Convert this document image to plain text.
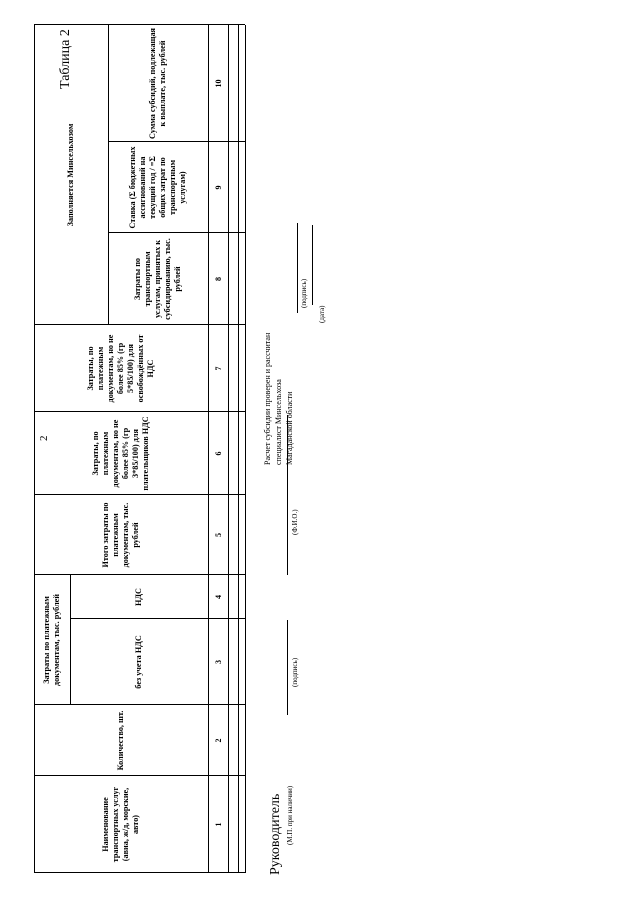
2
Таблица 2
Затраты по платежным документам, тыс. рублей
Заполняется Минсельхозом
Наименование транспортных услуг (авиа, ж/д, морские, авто)
Количество, шт.
без учета НДС
НДС
Итого затраты по платежным документам, тыс. рублей
Затраты, по платежным документам, но не более 85% (гр 3*85/100) для плательщиков НДС
Затраты, по платежным документам, но не более 85% (гр 5*85/100) для освобождённых от НДС
Затраты по транспортным услугам, принятых к субсидированию, тыс. рублей
Ставка (Σ бюджетных ассигнований на текущий год / =Σ общих затрат по транспортным услугам)
Сумма субсидий, подлежащая к выплате, тыс. рублей
1
2
3
4
5
6
7
8
9
10
Руководитель (М.П. при наличии)
(подпись)
(Ф.И.О.)
Расчет субсидии проверен и рассчитан специалист Минсельхоза Магаданской области
(подпись)
(дата)
